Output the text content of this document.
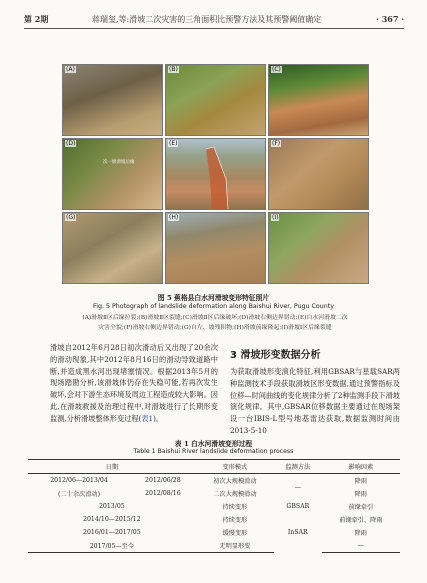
第 2期	蒋瑞玺,等:滑坡二次灾害的三角面积比预警方法及其预警阈值确定	· 367 ·
(A)	(B)	(C)
(D)
次一级滑坡后缘
(E)	(F)
(G)	(H)	(I)
图 5 蕉格县白水河滑坡变形特征照片
Fig. 5 Photograph of landslide deformation along Baishui River, Pugu County
(A)滑坡Ⅱ区后缘拉裂;(B)滑坡Ⅱ区裂缝;(C)滑坡Ⅱ区后缘破坏;(D)滑坡右侧边界错动;(E)白水河滑坡二次
灾害全貌;(F)滑坡右侧边界错动;(G)自左、坡残积物;(H)滑坡前缘隆起;(I)滑坡Ⅰ区后缘裂缝
滑坡自2012年6月28日初次滑动后又出现了20余次的滑动现象,其中2012年8月16日的滑动导致道路中断,并造成黑水河出现堵塞情况。根据2013年5月的现场踏勘分析,该滑坡体仍存在失稳可能,若再次发生破坏,会对下游生态环境及周边工程造成较大影响。因此,在滑坡救援及治理过程中,对滑坡进行了长期形变监测,分析滑坡整体形变过程(表1)。
3 滑坡形变数据分析

为获取滑坡形变演化特征,利用GBSAR与星载SAR两种监测技术手段获取滑坡区形变数据,通过预警指标及位移—时间曲线的变化规律分析了2种监测手段下滑坡演化规律。其中,GBSAR位移数据主要通过在现场架设一台IBIS-L型号地基雷达获取,数据监测时间由2013-5-10

表 1 白水河滑坡变形过程
Table 1 Baishui River landslide deformation process
日期		变形模式	监测方法	影响因素
2012/06—2013/04	2012/06/28	初次大规模滑动	—	降雨
(二十余次滑动)	2012/08/16	二次大规模滑动		降雨
2013/05		持续变形	GBSAR	前缘牵引
2014/10—2015/12		持续变形	InSAR	前缘牵引、降雨
2016/01—2017/05		缓慢变形		降雨
2017/05—至今		无明显形变		—
